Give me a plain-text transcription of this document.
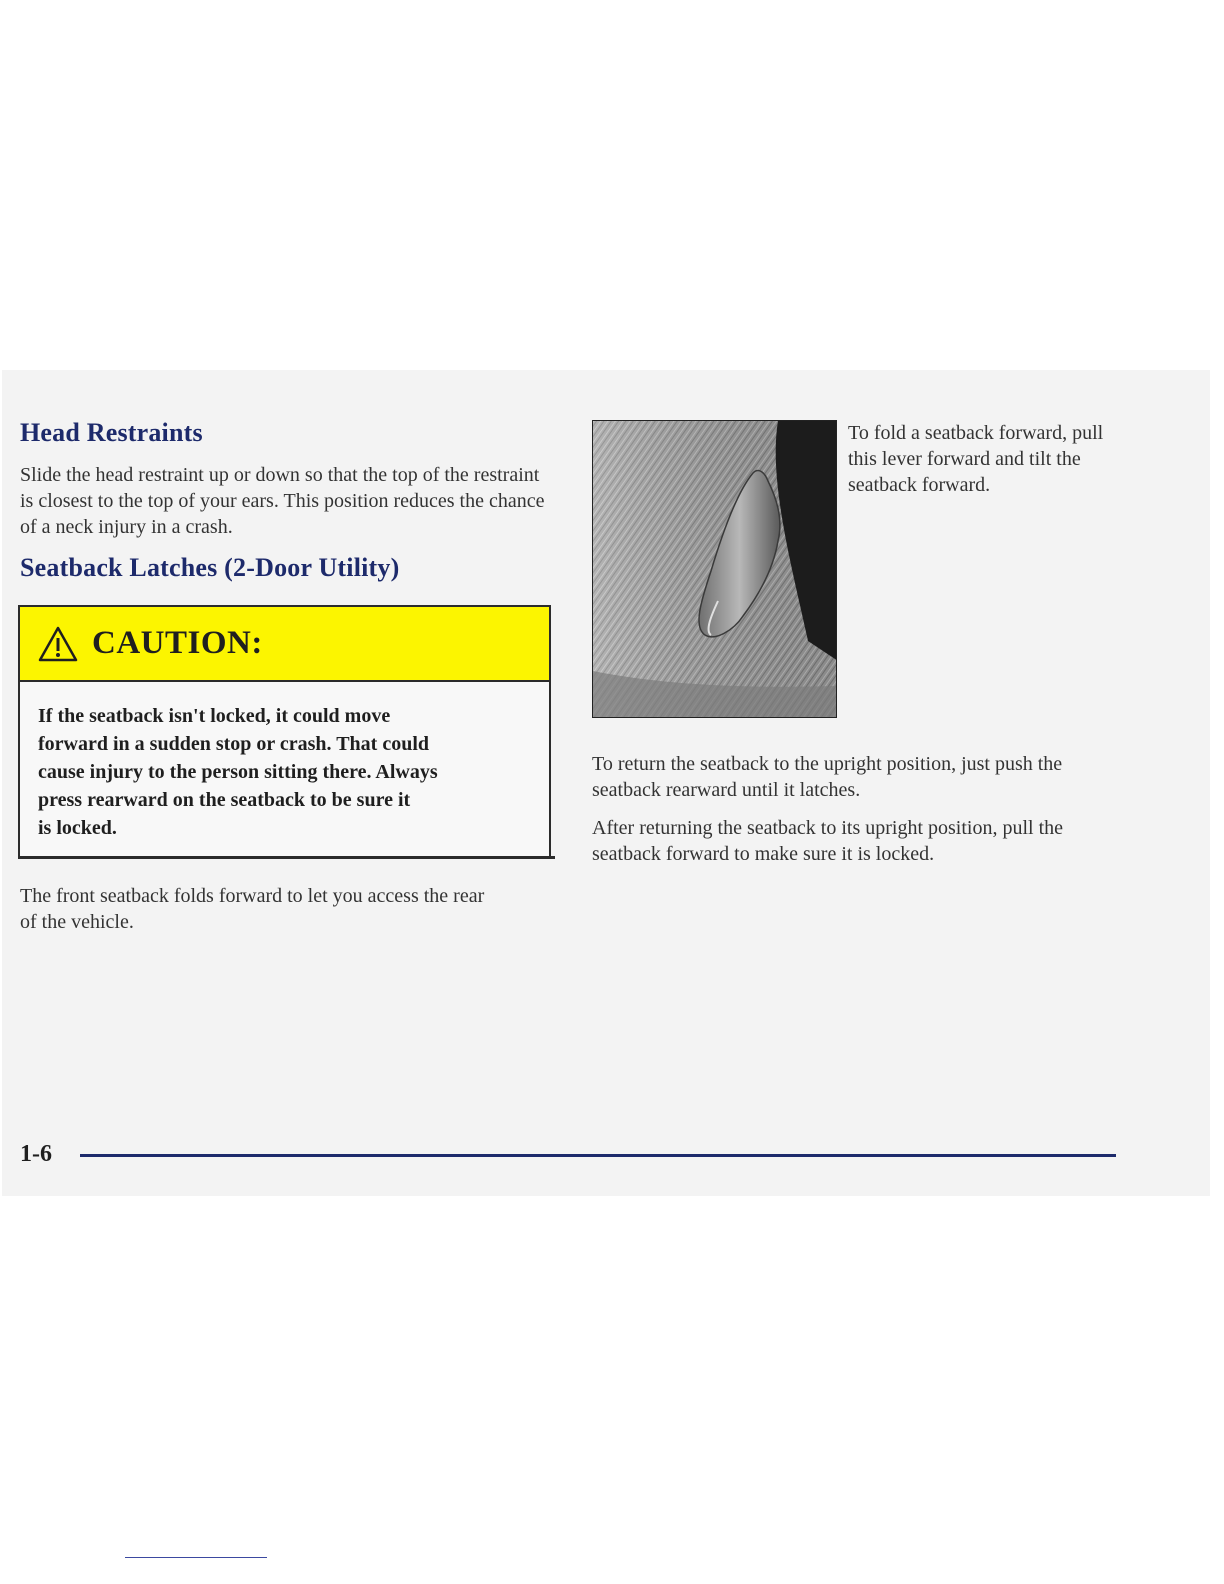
Head Restraints

Slide the head restraint up or down so that the top of the restraint is closest to the top of your ears. This position reduces the chance of a neck injury in a crash.

Seatback Latches (2-Door Utility)
CAUTION:
If the seatback isn't locked, it could move
forward in a sudden stop or crash. That could
cause injury to the person sitting there. Always
press rearward on the seatback to be sure it
is locked.

The front seatback folds forward to let you access the rear of the vehicle.

To fold a seatback forward, pull this lever forward and tilt the seatback forward.

To return the seatback to the upright position, just push the seatback rearward until it latches.

After returning the seatback to its upright position, pull the seatback forward to make sure it is locked.

1-6
